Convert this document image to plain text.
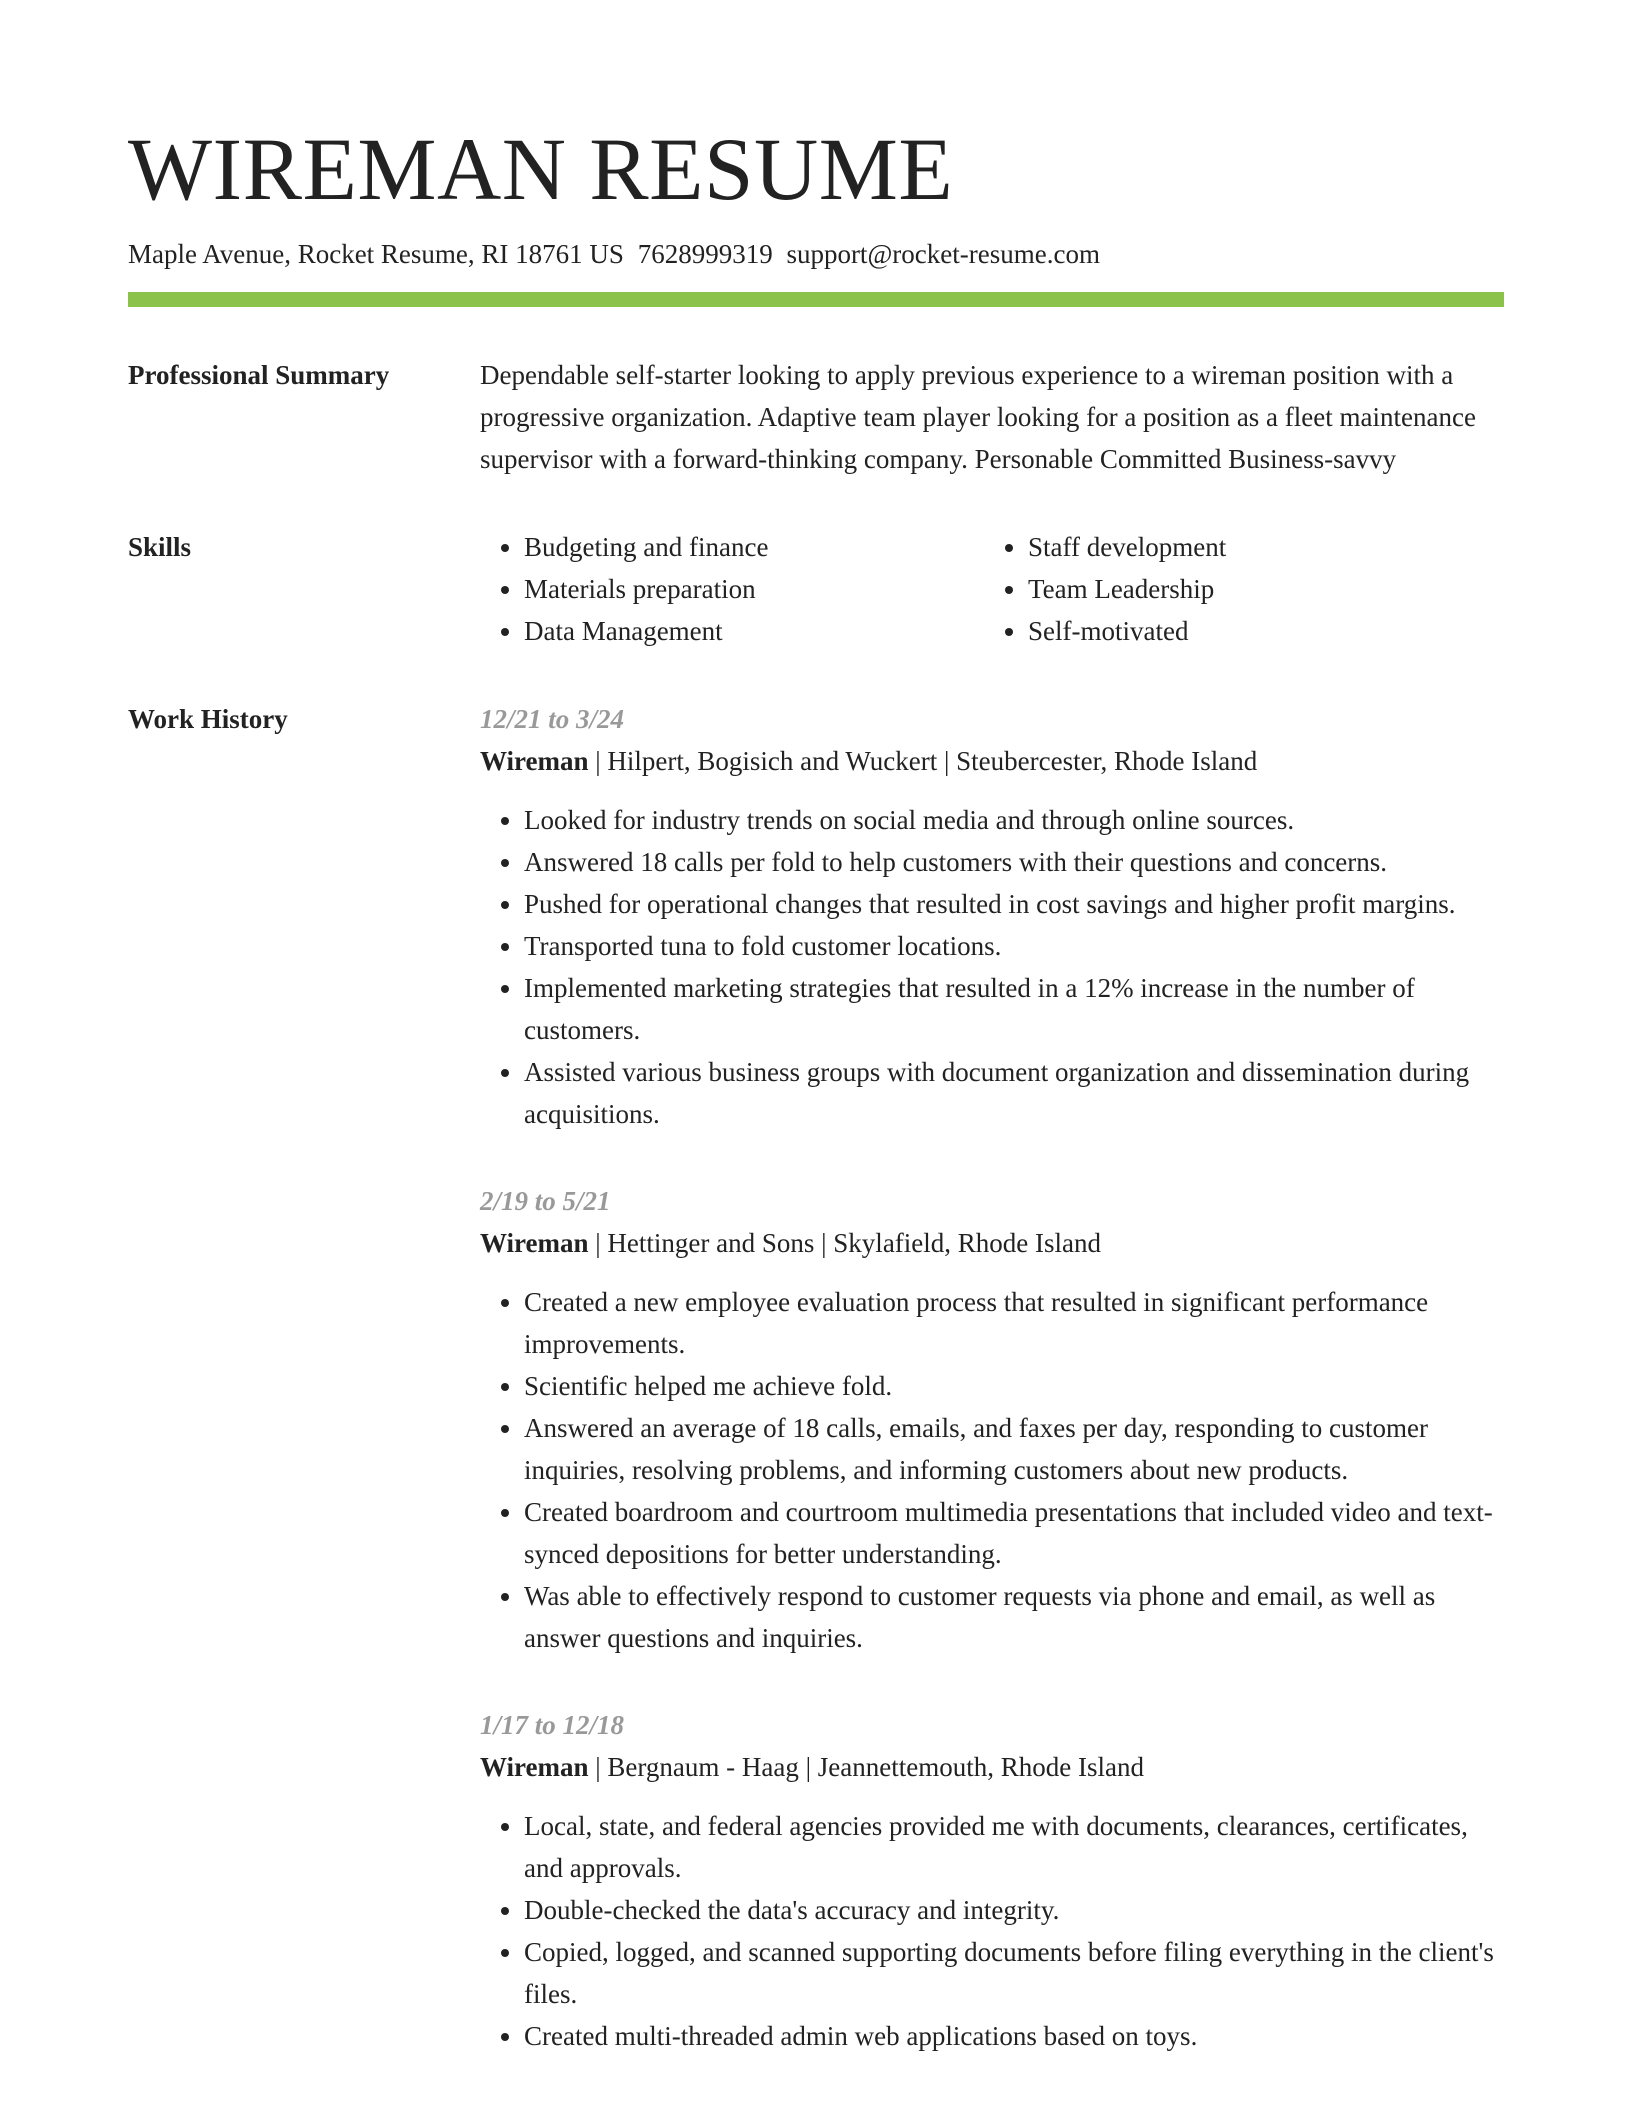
WIREMAN RESUME
Maple Avenue, Rocket Resume, RI 18761 US 7628999319 support@rocket-resume.com
Professional Summary	Dependable self-starter looking to apply previous experience to a wireman position with a progressive organization. Adaptive team player looking for a position as a fleet maintenance supervisor with a forward-thinking company. Personable Committed Business-savvy

Skills
•	Budgeting and finance
• Materials preparation
• Data Management
• Staff development
• Team Leadership
• Self-motivated
Work History	12/21 to 3/24
Wireman | Hilpert, Bogisich and Wuckert | Steubercester, Rhode Island
• Looked for industry trends on social media and through online sources.
• Answered 18 calls per fold to help customers with their questions and concerns.
• Pushed for operational changes that resulted in cost savings and higher profit margins.
• Transported tuna to fold customer locations.
• Implemented marketing strategies that resulted in a 12% increase in the number of customers.
• Assisted various business groups with document organization and dissemination during acquisitions.
2/19 to 5/21
Wireman | Hettinger and Sons | Skylafield, Rhode Island
• Created a new employee evaluation process that resulted in significant performance improvements.
• Scientific helped me achieve fold.
• Answered an average of 18 calls, emails, and faxes per day, responding to customer inquiries, resolving problems, and informing customers about new products.
• Created boardroom and courtroom multimedia presentations that included video and text-synced depositions for better understanding.
• Was able to effectively respond to customer requests via phone and email, as well as answer questions and inquiries.
1/17 to 12/18
Wireman | Bergnaum - Haag | Jeannettemouth, Rhode Island
• Local, state, and federal agencies provided me with documents, clearances, certificates, and approvals.
• Double-checked the data's accuracy and integrity.
• Copied, logged, and scanned supporting documents before filing everything in the client's files.
• Created multi-threaded admin web applications based on toys.
